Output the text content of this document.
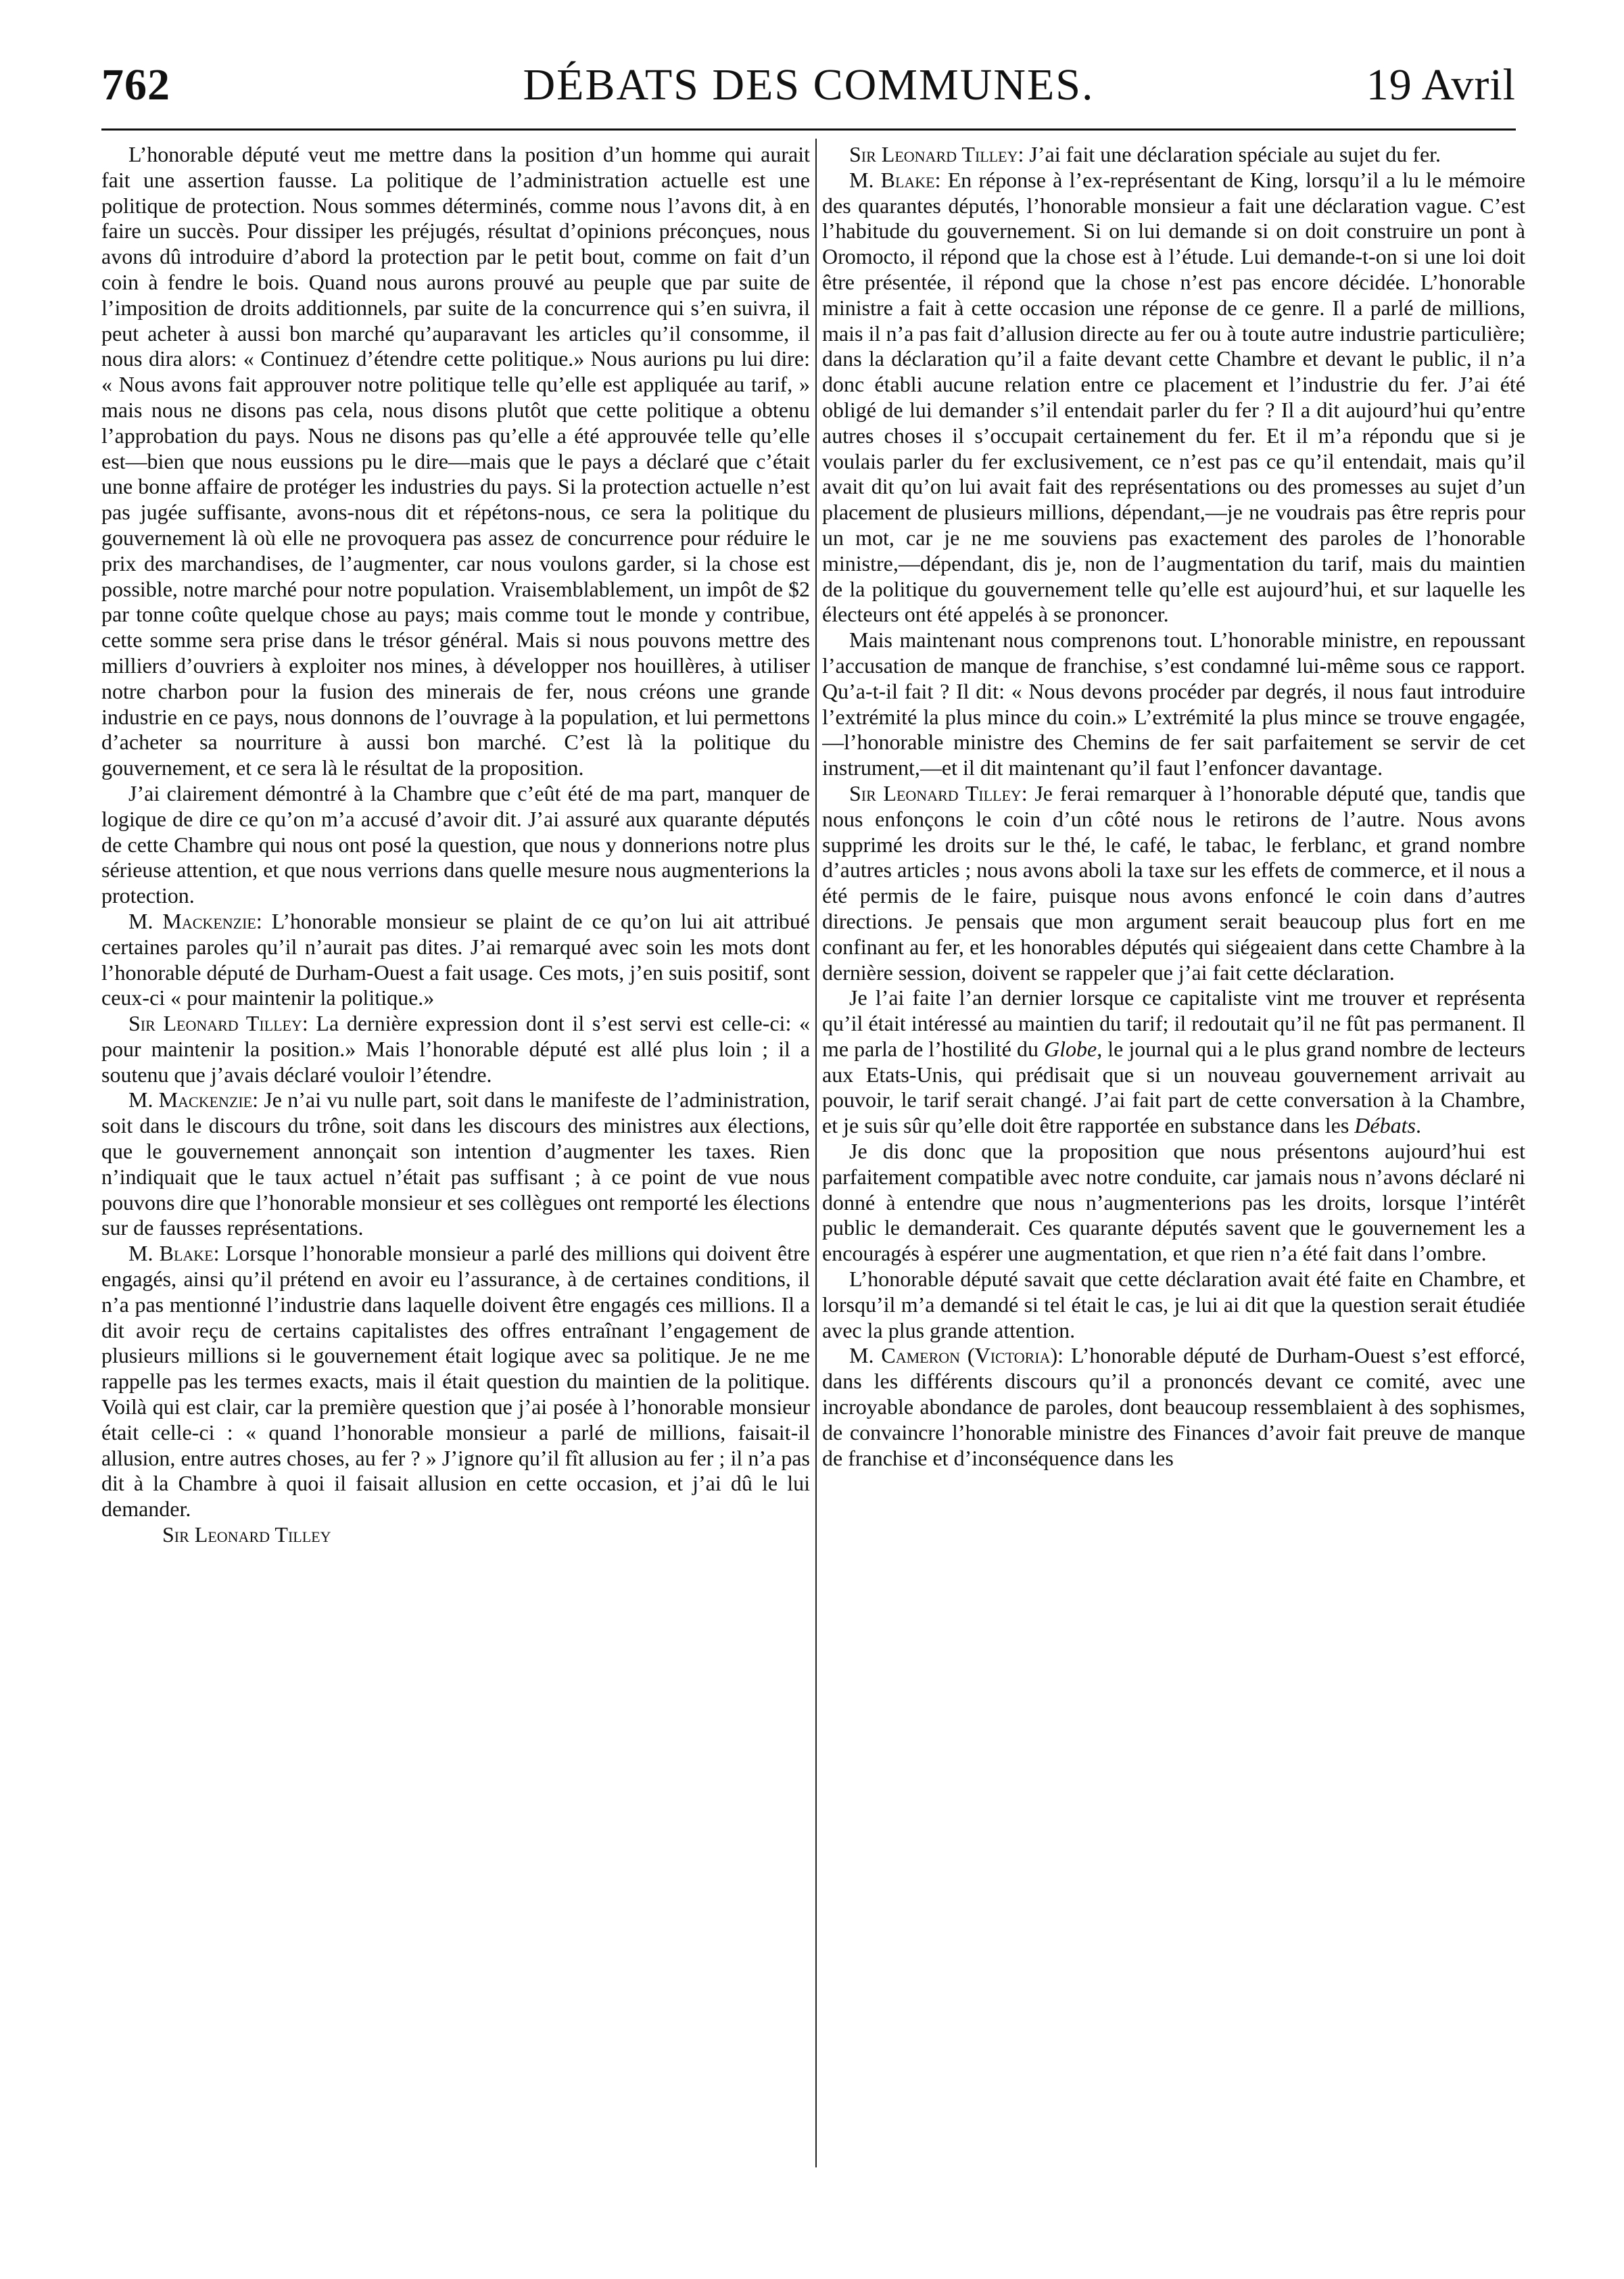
762	DÉBATS DES COMMUNES.	19 Avril

L’honorable député veut me mettre dans la position d’un homme qui aurait fait une assertion fausse. La politique de l’administration actuelle est une politique de protection. Nous sommes déterminés, comme nous l’avons dit, à en faire un succès. Pour dissiper les préjugés, résultat d’opinions préconçues, nous avons dû introduire d’abord la protection par le petit bout, comme on fait d’un coin à fendre le bois. Quand nous aurons prouvé au peuple que par suite de l’imposition de droits additionnels, par suite de la concurrence qui s’en suivra, il peut acheter à aussi bon marché qu’auparavant les articles qu’il consomme, il nous dira alors: « Continuez d’étendre cette politique.» Nous aurions pu lui dire: « Nous avons fait approuver notre politique telle qu’elle est appliquée au tarif, » mais nous ne disons pas cela, nous disons plutôt que cette politique a obtenu l’approbation du pays. Nous ne disons pas qu’elle a été approuvée telle qu’elle est—bien que nous eussions pu le dire—mais que le pays a déclaré que c’était une bonne affaire de protéger les industries du pays. Si la protection actuelle n’est pas jugée suffisante, avons-nous dit et répétons-nous, ce sera la politique du gouvernement là où elle ne provoquera pas assez de concurrence pour réduire le prix des marchandises, de l’augmenter, car nous voulons garder, si la chose est possible, notre marché pour notre population. Vraisemblablement, un impôt de $2 par tonne coûte quelque chose au pays; mais comme tout le monde y contribue, cette somme sera prise dans le trésor général. Mais si nous pouvons mettre des milliers d’ouvriers à exploiter nos mines, à développer nos houillères, à utiliser notre charbon pour la fusion des minerais de fer, nous créons une grande industrie en ce pays, nous donnons de l’ouvrage à la population, et lui permettons d’acheter sa nourriture à aussi bon marché. C’est là la politique du gouvernement, et ce sera là le résultat de la proposition.

J’ai clairement démontré à la Chambre que c’eût été de ma part, manquer de logique de dire ce qu’on m’a accusé d’avoir dit. J’ai assuré aux quarante députés de cette Chambre qui nous ont posé la question, que nous y donnerions notre plus sérieuse attention, et que nous verrions dans quelle mesure nous augmenterions la protection.

M. Mackenzie: L’honorable monsieur se plaint de ce qu’on lui ait attribué certaines paroles qu’il n’aurait pas dites. J’ai remarqué avec soin les mots dont l’honorable député de Durham-Ouest a fait usage. Ces mots, j’en suis positif, sont ceux-ci « pour maintenir la politique.»

Sir Leonard Tilley: La dernière expression dont il s’est servi est celle-ci: « pour maintenir la position.» Mais l’honorable député est allé plus loin ; il a soutenu que j’avais déclaré vouloir l’étendre.

M. Mackenzie: Je n’ai vu nulle part, soit dans le manifeste de l’administration, soit dans le discours du trône, soit dans les discours des ministres aux élections, que le gouvernement annonçait son intention d’augmenter les taxes. Rien n’indiquait que le taux actuel n’était pas suffisant ; à ce point de vue nous pouvons dire que l’honorable monsieur et ses collègues ont remporté les élections sur de fausses représentations.

M. Blake: Lorsque l’honorable monsieur a parlé des millions qui doivent être engagés, ainsi qu’il prétend en avoir eu l’assurance, à de certaines conditions, il n’a pas mentionné l’industrie dans laquelle doivent être engagés ces millions. Il a dit avoir reçu de certains capitalistes des offres entraînant l’engagement de plusieurs millions si le gouvernement était logique avec sa politique. Je ne me rappelle pas les termes exacts, mais il était question du maintien de la politique. Voilà qui est clair, car la première question que j’ai posée à l’honorable monsieur était celle-ci : « quand l’honorable monsieur a parlé de millions, faisait-il allusion, entre autres choses, au fer ? » J’ignore qu’il fît allusion au fer ; il n’a pas dit à la Chambre à quoi il faisait allusion en cette occasion, et j’ai dû le lui demander.

Sir Leonard Tilley

Sir Leonard Tilley: J’ai fait une déclaration spéciale au sujet du fer.

M. Blake: En réponse à l’ex-représentant de King, lorsqu’il a lu le mémoire des quarantes députés, l’honorable monsieur a fait une déclaration vague. C’est l’habitude du gouvernement. Si on lui demande si on doit construire un pont à Oromocto, il répond que la chose est à l’étude. Lui demande-t-on si une loi doit être présentée, il répond que la chose n’est pas encore décidée. L’honorable ministre a fait à cette occasion une réponse de ce genre. Il a parlé de millions, mais il n’a pas fait d’allusion directe au fer ou à toute autre industrie particulière; dans la déclaration qu’il a faite devant cette Chambre et devant le public, il n’a donc établi aucune relation entre ce placement et l’industrie du fer. J’ai été obligé de lui demander s’il entendait parler du fer ? Il a dit aujourd’hui qu’entre autres choses il s’occupait certainement du fer. Et il m’a répondu que si je voulais parler du fer exclusivement, ce n’est pas ce qu’il entendait, mais qu’il avait dit qu’on lui avait fait des représentations ou des promesses au sujet d’un placement de plusieurs millions, dépendant,—je ne voudrais pas être repris pour un mot, car je ne me souviens pas exactement des paroles de l’honorable ministre,—dépendant, dis je, non de l’augmentation du tarif, mais du maintien de la politique du gouvernement telle qu’elle est aujourd’hui, et sur laquelle les électeurs ont été appelés à se prononcer.

Mais maintenant nous comprenons tout. L’honorable ministre, en repoussant l’accusation de manque de franchise, s’est condamné lui-même sous ce rapport. Qu’a-t-il fait ? Il dit: « Nous devons procéder par degrés, il nous faut introduire l’extrémité la plus mince du coin.» L’extrémité la plus mince se trouve engagée,—l’honorable ministre des Chemins de fer sait parfaitement se servir de cet instrument,—et il dit maintenant qu’il faut l’enfoncer davantage.

Sir Leonard Tilley: Je ferai remarquer à l’honorable député que, tandis que nous enfonçons le coin d’un côté nous le retirons de l’autre. Nous avons supprimé les droits sur le thé, le café, le tabac, le ferblanc, et grand nombre d’autres articles ; nous avons aboli la taxe sur les effets de commerce, et il nous a été permis de le faire, puisque nous avons enfoncé le coin dans d’autres directions. Je pensais que mon argument serait beaucoup plus fort en me confinant au fer, et les honorables députés qui siégeaient dans cette Chambre à la dernière session, doivent se rappeler que j’ai fait cette déclaration.

Je l’ai faite l’an dernier lorsque ce capitaliste vint me trouver et représenta qu’il était intéressé au maintien du tarif; il redoutait qu’il ne fût pas permanent. Il me parla de l’hostilité du Globe, le journal qui a le plus grand nombre de lecteurs aux Etats-Unis, qui prédisait que si un nouveau gouvernement arrivait au pouvoir, le tarif serait changé. J’ai fait part de cette conversation à la Chambre, et je suis sûr qu’elle doit être rapportée en substance dans les Débats.

Je dis donc que la proposition que nous présentons aujourd’hui est parfaitement compatible avec notre conduite, car jamais nous n’avons déclaré ni donné à entendre que nous n’augmenterions pas les droits, lorsque l’intérêt public le demanderait. Ces quarante députés savent que le gouvernement les a encouragés à espérer une augmentation, et que rien n’a été fait dans l’ombre.

L’honorable député savait que cette déclaration avait été faite en Chambre, et lorsqu’il m’a demandé si tel était le cas, je lui ai dit que la question serait étudiée avec la plus grande attention.

M. Cameron (Victoria): L’honorable député de Durham-Ouest s’est efforcé, dans les différents discours qu’il a prononcés devant ce comité, avec une incroyable abondance de paroles, dont beaucoup ressemblaient à des sophismes, de convaincre l’honorable ministre des Finances d’avoir fait preuve de manque de franchise et d’inconséquence dans les
